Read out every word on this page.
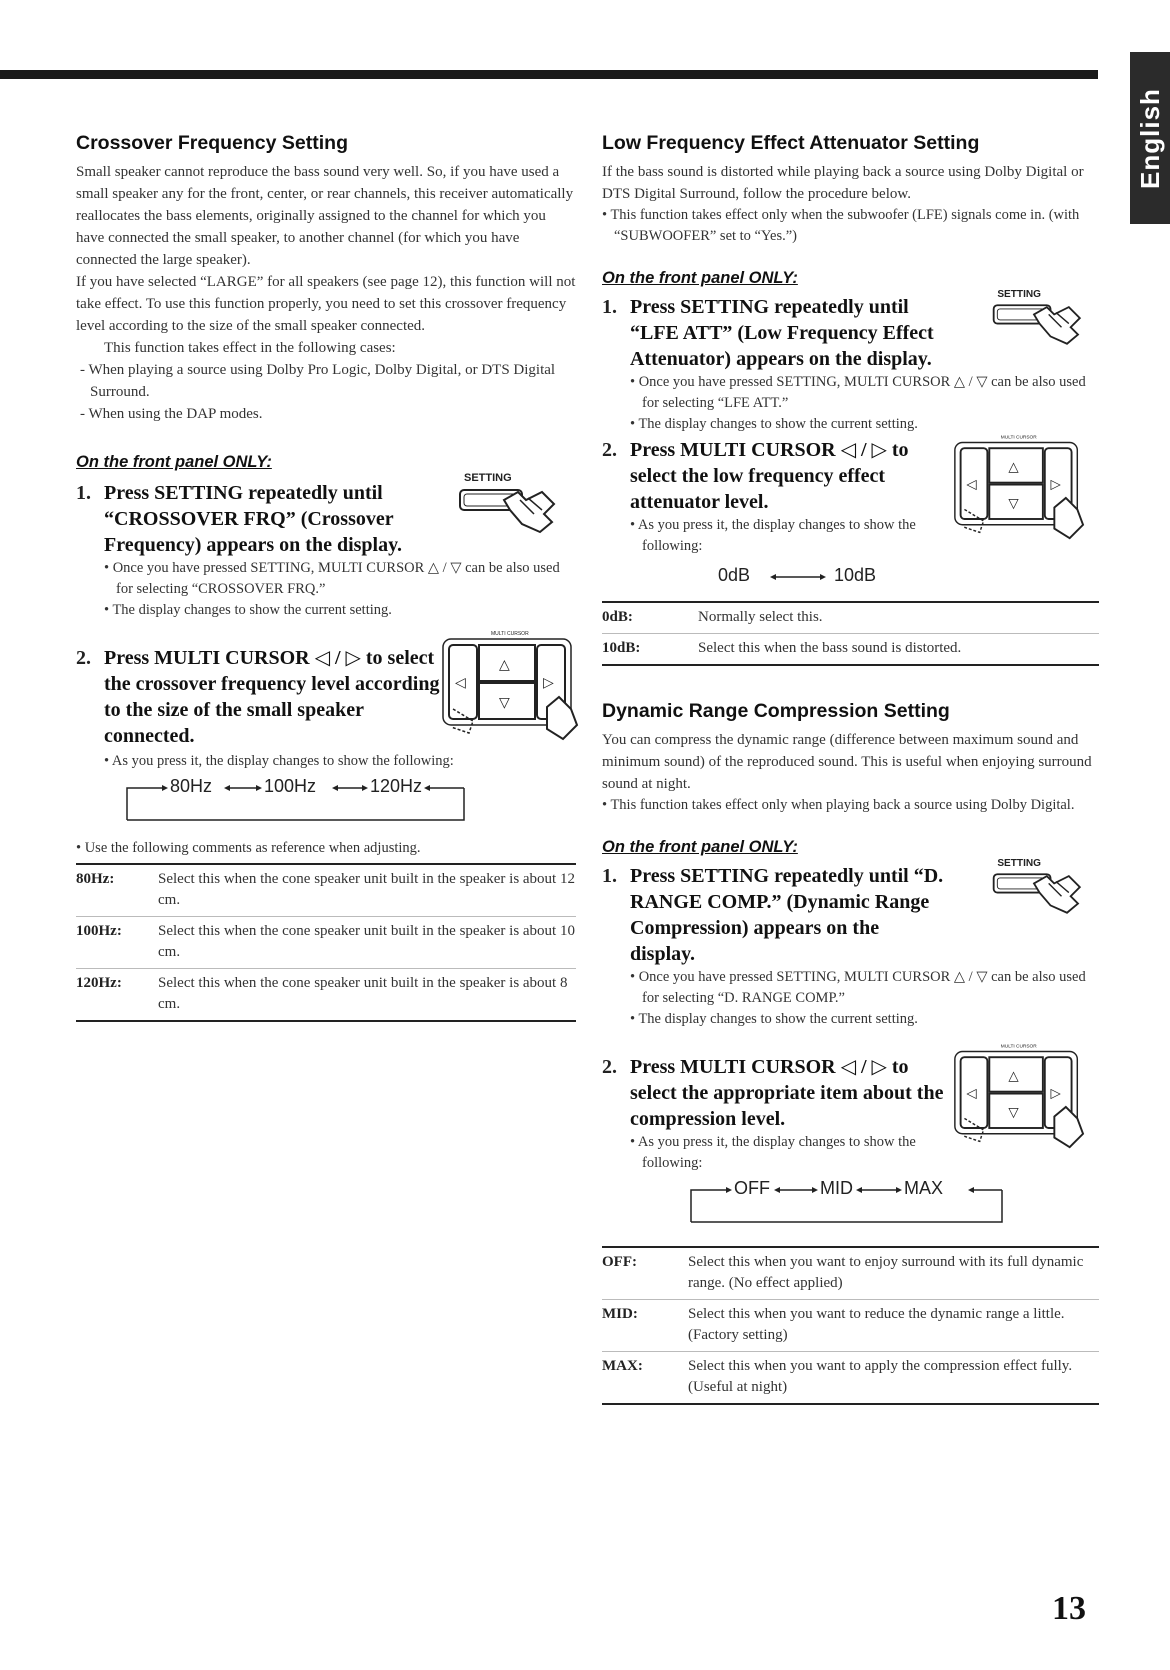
English
Crossover Frequency Setting

Small speaker cannot reproduce the bass sound very well. So, if you have used a small speaker any for the front, center, or rear channels, this receiver automatically reallocates the bass elements, originally assigned to the channel for which you have connected the small speaker, to another channel (for which you have connected the large speaker).

If you have selected “LARGE” for all speakers (see page 12), this function will not take effect. To use this function properly, you need to set this crossover frequency level according to the size of the small speaker connected.

This function takes effect in the following cases:

- When playing a source using Dolby Pro Logic, Dolby Digital, or DTS Digital Surround.

- When using the DAP modes.

On the front panel ONLY:

1. Press SETTING repeatedly until “CROSSOVER FRQ” (Crossover Frequency) appears on the display.

SETTING

• Once you have pressed SETTING, MULTI CURSOR △ / ▽ can be also used for selecting “CROSSOVER FRQ.”

• The display changes to show the current setting.

2. Press MULTI CURSOR ◁ / ▷ to select the crossover frequency level according to the size of the small speaker connected.

MULTI CURSOR
◁	▷
△
▽

• As you press it, the display changes to show the following:

80Hz	100Hz	120Hz

• Use the following comments as reference when adjusting.

80Hz:	Select this when the cone speaker unit built in the speaker is about 12 cm.
100Hz:	Select this when the cone speaker unit built in the speaker is about 10 cm.
120Hz:	Select this when the cone speaker unit built in the speaker is about 8 cm.
Low Frequency Effect Attenuator Setting

If the bass sound is distorted while playing back a source using Dolby Digital or DTS Digital Surround, follow the procedure below.

• This function takes effect only when the subwoofer (LFE) signals come in. (with “SUBWOOFER” set to “Yes.”)

On the front panel ONLY:

1. Press SETTING repeatedly until “LFE ATT” (Low Frequency Effect Attenuator) appears on the display.

SETTING

• Once you have pressed SETTING, MULTI CURSOR △ / ▽ can be also used for selecting “LFE ATT.”

• The display changes to show the current setting.

2. Press MULTI CURSOR ◁ / ▷ to select the low frequency effect attenuator level.

MULTI CURSOR
◁	▷
△
▽

• As you press it, the display changes to show the following:

0dB	10dB
0dB:	Normally select this.
10dB:	Select this when the bass sound is distorted.
Dynamic Range Compression Setting

You can compress the dynamic range (difference between maximum sound and minimum sound) of the reproduced sound. This is useful when enjoying surround sound at night.

• This function takes effect only when playing back a source using Dolby Digital.

On the front panel ONLY:

1. Press SETTING repeatedly until “D. RANGE COMP.” (Dynamic Range Compression) appears on the display.

SETTING

• Once you have pressed SETTING, MULTI CURSOR △ / ▽ can be also used for selecting “D. RANGE COMP.”

• The display changes to show the current setting.

2. Press MULTI CURSOR ◁ / ▷ to select the appropriate item about the compression level.

MULTI CURSOR
◁	▷
△
▽

• As you press it, the display changes to show the following:

OFF	MID	MAX
OFF:	Select this when you want to enjoy surround with its full dynamic range. (No effect applied)
MID:	Select this when you want to reduce the dynamic range a little. (Factory setting)
MAX:	Select this when you want to apply the compression effect fully. (Useful at night)
13
